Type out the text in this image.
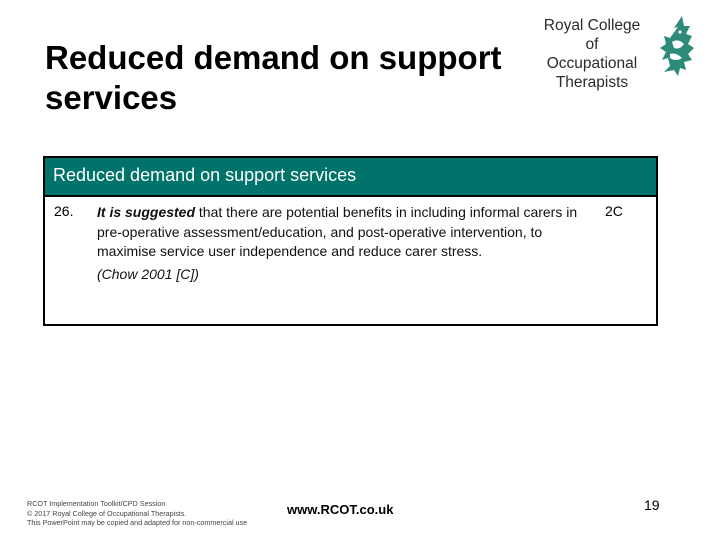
Reduced demand on support services
Royal College of
Occupational
Therapists
Reduced demand on support services
26. It is suggested that there are potential benefits in including informal carers in pre-operative assessment/education, and post-operative intervention, to maximise service user independence and reduce carer stress.
(Chow 2001 [C])
2C
RCOT Implementation Toolkit/CPD Session
© 2017 Royal College of Occupational Therapists.
This PowerPoint may be copied and adapted for non-commercial use
www.RCOT.co.uk	19
